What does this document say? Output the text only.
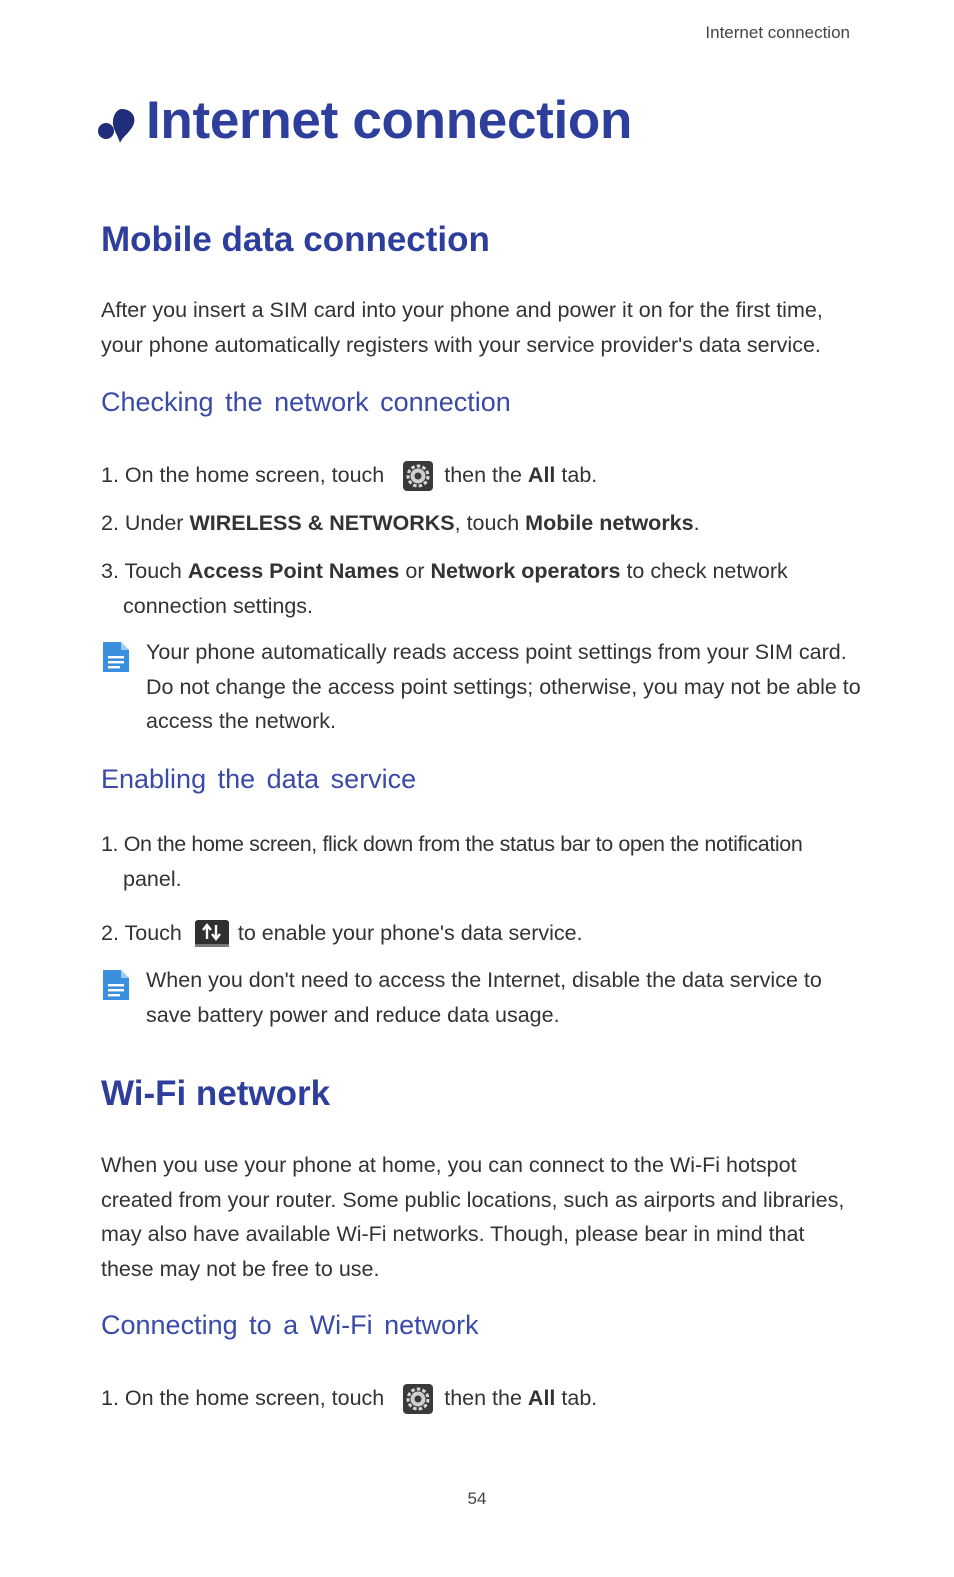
Internet connection
Internet connection
Mobile data connection
After you insert a SIM card into your phone and power it on for the first time, your phone automatically registers with your service provider's data service.
Checking the network connection
1. On the home screen, touch	then the All tab.
2. Under WIRELESS & NETWORKS, touch Mobile networks.
3. Touch Access Point Names or Network operators to check network
connection settings.
Your phone automatically reads access point settings from your SIM card. Do not change the access point settings; otherwise, you may not be able to access the network.
Enabling the data service
1. On the home screen, flick down from the status bar to open the notification
panel.
2. Touch	to enable your phone's data service.
When you don't need to access the Internet, disable the data service to save battery power and reduce data usage.
Wi-Fi network
When you use your phone at home, you can connect to the Wi-Fi hotspot created from your router. Some public locations, such as airports and libraries, may also have available Wi-Fi networks. Though, please bear in mind that these may not be free to use.
Connecting to a Wi-Fi network
1. On the home screen, touch	then the All tab.
54
